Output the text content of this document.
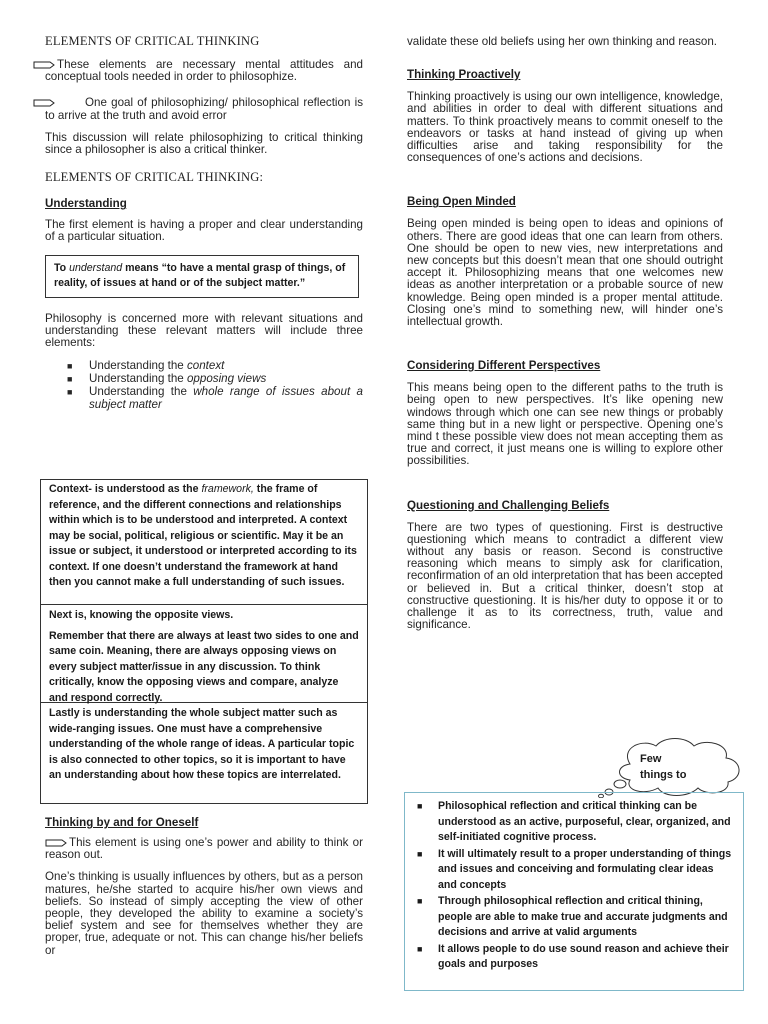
ELEMENTS OF CRITICAL THINKING
These elements are necessary mental attitudes and conceptual tools needed in order to philosophize.
One goal of philosophizing/ philosophical reflection is to arrive at the truth and avoid error
This discussion will relate philosophizing to critical thinking since a philosopher is also a critical thinker.
ELEMENTS OF CRITICAL THINKING:
Understanding
The first element is having a proper and clear understanding of a particular situation.
To understand means “to have a mental grasp of things, of reality, of issues at hand or of the subject matter.”
Philosophy is concerned more with relevant situations and understanding these relevant matters will include three elements:
■ Understanding the context
■ Understanding the opposing views
■ Understanding the whole range of issues about a subject matter
Context- is understood as the framework, the frame of reference, and the different connections and relationships within which is to be understood and interpreted. A context may be social, political, religious or scientific. May it be an issue or subject, it understood or interpreted according to its context. If one doesn’t understand the framework at hand then you cannot make a full understanding of such issues.
Next is, knowing the opposite views.
Remember that there are always at least two sides to one and same coin. Meaning, there are always opposing views on every subject matter/issue in any discussion. To think critically, know the opposing views and compare, analyze and respond correctly.
Lastly is understanding the whole subject matter such as wide-ranging issues. One must have a comprehensive understanding of the whole range of ideas. A particular topic is also connected to other topics, so it is important to have an understanding about how these topics are interrelated.
Thinking by and for Oneself
This element is using one’s power and ability to think or reason out.
One’s thinking is usually influences by others, but as a person matures, he/she started to acquire his/her own views and beliefs. So instead of simply accepting the view of other people, they developed the ability to examine a society’s belief system and see for themselves whether they are proper, true, adequate or not. This can change his/her beliefs or
validate these old beliefs using her own thinking and reason.
Thinking Proactively
Thinking proactively is using our own intelligence, knowledge, and abilities in order to deal with different situations and matters. To think proactively means to commit oneself to the endeavors or tasks at hand instead of giving up when difficulties arise and taking responsibility for the consequences of one’s actions and decisions.
Being Open Minded
Being open minded is being open to ideas and opinions of others. There are good ideas that one can learn from others. One should be open to new vies, new interpretations and new concepts but this doesn’t mean that one should outright accept it. Philosophizing means that one welcomes new ideas as another interpretation or a probable source of new knowledge. Being open minded is a proper mental attitude. Closing one’s mind to something new, will hinder one’s intellectual growth.
Considering Different Perspectives
This means being open to the different paths to the truth is being open to new perspectives. It’s like opening new windows through which one can see new things or probably same thing but in a new light or perspective. Opening one’s mind t these possible view does not mean accepting them as true and correct, it just means one is willing to explore other possibilities.
Questioning and Challenging Beliefs
There are two types of questioning. First is destructive questioning which means to contradict a different view without any basis or reason. Second is constructive reasoning which means to simply ask for clarification, reconfirmation of an old interpretation that has been accepted or believed in. But a critical thinker, doesn’t stop at constructive questioning. It is his/her duty to oppose it or to challenge it as to its correctness, truth, value and significance.
Few things to
■ Philosophical reflection and critical thinking can be understood as an active, purposeful, clear, organized, and self-initiated cognitive process.
■ It will ultimately result to a proper understanding of things and issues and conceiving and formulating clear ideas and concepts
■ Through philosophical reflection and critical thining, people are able to make true and accurate judgments and decisions and arrive at valid arguments
■ It allows people to do use sound reason and achieve their goals and purposes
